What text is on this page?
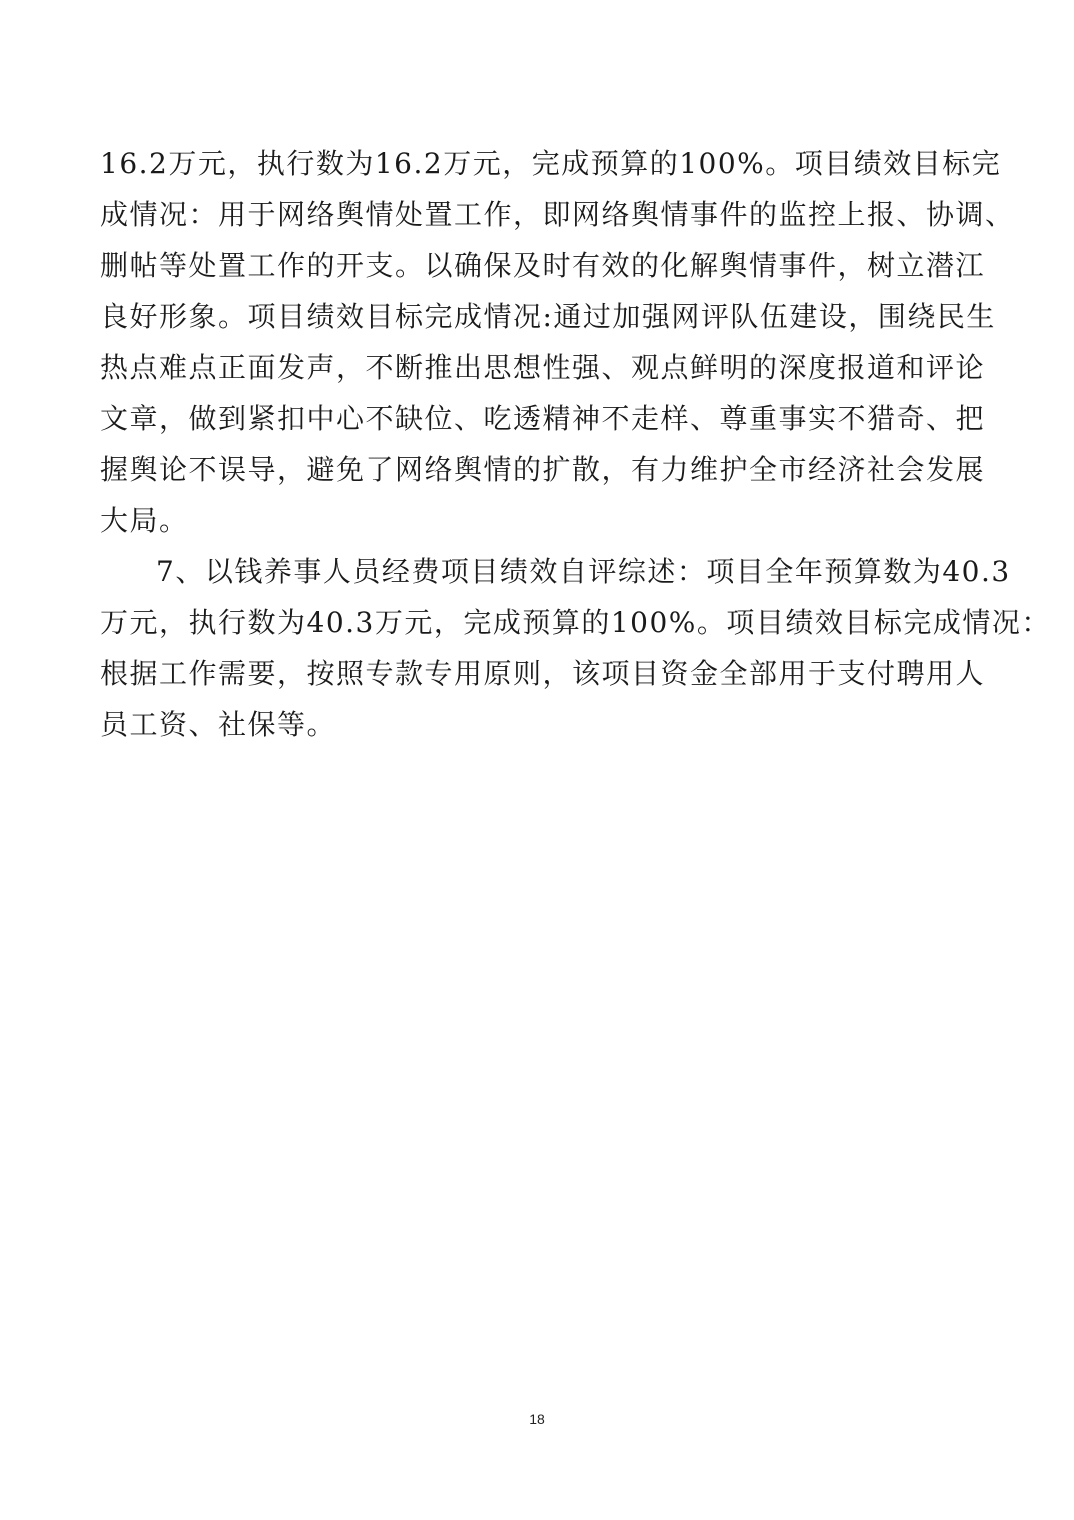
16.2万元，执行数为16.2万元，完成预算的100%。项目绩效目标完
成情况：用于网络舆情处置工作，即网络舆情事件的监控上报、协调、
删帖等处置工作的开支。以确保及时有效的化解舆情事件，树立潜江
良好形象。项目绩效目标完成情况:通过加强网评队伍建设，围绕民生
热点难点正面发声，不断推出思想性强、观点鲜明的深度报道和评论
文章，做到紧扣中心不缺位、吃透精神不走样、尊重事实不猎奇、把
握舆论不误导，避免了网络舆情的扩散，有力维护全市经济社会发展
大局。

7、以钱养事人员经费项目绩效自评综述：项目全年预算数为40.3
万元，执行数为40.3万元，完成预算的100%。项目绩效目标完成情况：
根据工作需要，按照专款专用原则，该项目资金全部用于支付聘用人
员工资、社保等。

18
